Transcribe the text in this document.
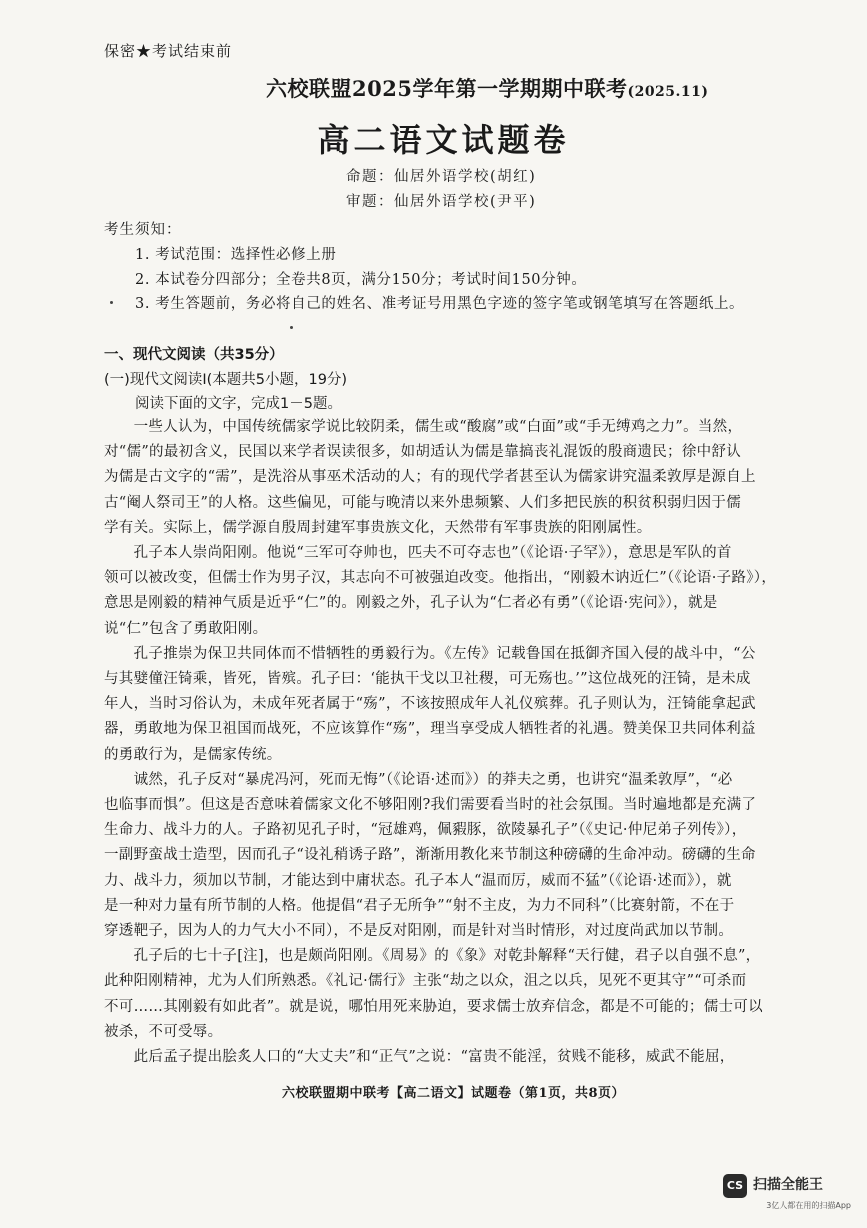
保密★考试结束前
六校联盟2025学年第一学期期中联考(2025.11)
高二语文试题卷
命题：仙居外语学校(胡红)
审题：仙居外语学校(尹平)
考生须知：
1. 考试范围：选择性必修上册
2. 本试卷分四部分；全卷共8页，满分150分；考试时间150分钟。
3. 考生答题前，务必将自己的姓名、准考证号用黑色字迹的签字笔或钢笔填写在答题纸上。
一、现代文阅读（共35分）
(一)现代文阅读I(本题共5小题，19分)
阅读下面的文字，完成1－5题。
　　一些人认为，中国传统儒家学说比较阴柔，儒生或“酸腐”或“白面”或“手无缚鸡之力”。当然，
对“儒”的最初含义，民国以来学者误读很多，如胡适认为儒是靠搞丧礼混饭的殷商遗民；徐中舒认
为儒是古文字的“需”，是洗浴从事巫术活动的人；有的现代学者甚至认为儒家讲究温柔敦厚是源自上
古“阉人祭司王”的人格。这些偏见，可能与晚清以来外患频繁、人们多把民族的积贫积弱归因于儒
学有关。实际上，儒学源自殷周封建军事贵族文化，天然带有军事贵族的阳刚属性。
　　孔子本人崇尚阳刚。他说“三军可夺帅也，匹夫不可夺志也”（《论语·子罕》），意思是军队的首
领可以被改变，但儒士作为男子汉，其志向不可被强迫改变。他指出，“刚毅木讷近仁”（《论语·子路》），
意思是刚毅的精神气质是近乎“仁”的。刚毅之外，孔子认为“仁者必有勇”（《论语·宪问》），就是
说“仁”包含了勇敢阳刚。
　　孔子推崇为保卫共同体而不惜牺牲的勇毅行为。《左传》记载鲁国在抵御齐国入侵的战斗中，“公
与其嬖僮汪锜乘，皆死，皆殡。孔子曰：‘能执干戈以卫社稷，可无殇也。’”这位战死的汪锜，是未成
年人，当时习俗认为，未成年死者属于“殇”，不该按照成年人礼仪殡葬。孔子则认为，汪锜能拿起武
器，勇敢地为保卫祖国而战死，不应该算作“殇”，理当享受成人牺牲者的礼遇。赞美保卫共同体利益
的勇敢行为，是儒家传统。
　　诚然，孔子反对“暴虎冯河，死而无悔”（《论语·述而》）的莽夫之勇，也讲究“温柔敦厚”，“必
也临事而惧”。但这是否意味着儒家文化不够阳刚?我们需要看当时的社会氛围。当时遍地都是充满了
生命力、战斗力的人。子路初见孔子时，“冠雄鸡，佩豭豚，欲陵暴孔子”（《史记·仲尼弟子列传》），
一副野蛮战士造型，因而孔子“设礼稍诱子路”，渐渐用教化来节制这种磅礴的生命冲动。磅礴的生命
力、战斗力，须加以节制，才能达到中庸状态。孔子本人“温而厉，威而不猛”（《论语·述而》），就
是一种对力量有所节制的人格。他提倡“君子无所争”“射不主皮，为力不同科”（比赛射箭，不在于
穿透靶子，因为人的力气大小不同），不是反对阳刚，而是针对当时情形，对过度尚武加以节制。
　　孔子后的七十子[注]，也是颇尚阳刚。《周易》的《象》对乾卦解释“天行健，君子以自强不息”，
此种阳刚精神，尤为人们所熟悉。《礼记·儒行》主张“劫之以众，沮之以兵，见死不更其守”“可杀而
不可……其刚毅有如此者”。就是说，哪怕用死来胁迫，要求儒士放弃信念，都是不可能的；儒士可以
被杀，不可受辱。
　　此后孟子提出脍炙人口的“大丈夫”和“正气”之说：“富贵不能淫，贫贱不能移，威武不能屈，
六校联盟期中联考【高二语文】试题卷（第1页，共8页）
CS 扫描全能王
3亿人都在用的扫描App
